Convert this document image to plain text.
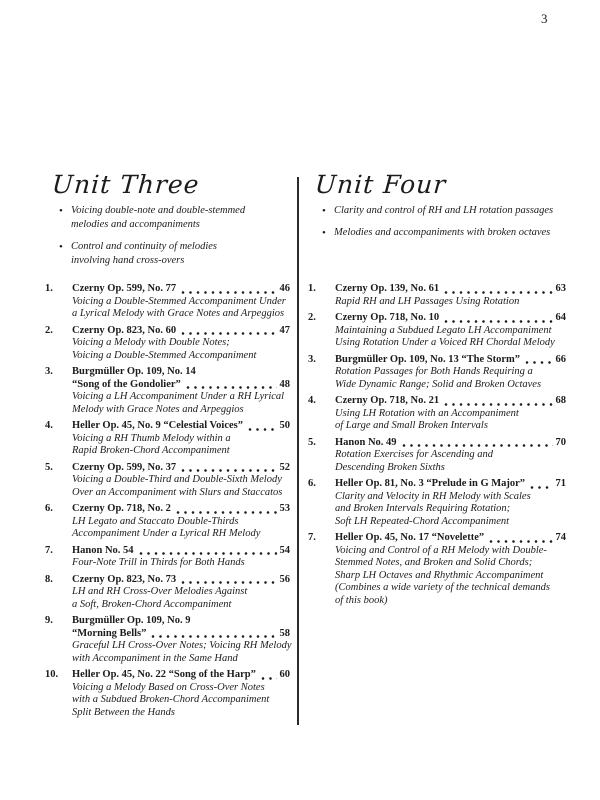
3
Unit Three
• Voicing double-note and double-stemmed
melodies and accompaniments
• Control and continuity of melodies
involving hand cross-overs
1.	Czerny Op. 599, No. 77	46
Voicing a Double-Stemmed Accompaniment Under
a Lyrical Melody with Grace Notes and Arpeggios
2.	Czerny Op. 823, No. 60	47
Voicing a Melody with Double Notes;
Voicing a Double-Stemmed Accompaniment
3.	Burgmüller Op. 109, No. 14
“Song of the Gondolier”	48
Voicing a LH Accompaniment Under a RH Lyrical
Melody with Grace Notes and Arpeggios
4.	Heller Op. 45, No. 9 “Celestial Voices”	50
Voicing a RH Thumb Melody within a
Rapid Broken-Chord Accompaniment
5.	Czerny Op. 599, No. 37	52
Voicing a Double-Third and Double-Sixth Melody
Over an Accompaniment with Slurs and Staccatos
6.	Czerny Op. 718, No. 2	53
LH Legato and Staccato Double-Thirds
Accompaniment Under a Lyrical RH Melody
7.	Hanon No. 54	54
Four-Note Trill in Thirds for Both Hands
8.	Czerny Op. 823, No. 73	56
LH and RH Cross-Over Melodies Against
a Soft, Broken-Chord Accompaniment
9.	Burgmüller Op. 109, No. 9
“Morning Bells”	58
Graceful LH Cross-Over Notes; Voicing RH Melody
with Accompaniment in the Same Hand
10.	Heller Op. 45, No. 22 “Song of the Harp” 60
Voicing a Melody Based on Cross-Over Notes
with a Subdued Broken-Chord Accompaniment
Split Between the Hands
Unit Four
• Clarity and control of RH and LH rotation passages
• Melodies and accompaniments with broken octaves
1.	Czerny Op. 139, No. 61	63
Rapid RH and LH Passages Using Rotation
2.	Czerny Op. 718, No. 10	64
Maintaining a Subdued Legato LH Accompaniment
Using Rotation Under a Voiced RH Chordal Melody
3.	Burgmüller Op. 109, No. 13 “The Storm”	66
Rotation Passages for Both Hands Requiring a
Wide Dynamic Range; Solid and Broken Octaves
4.	Czerny Op. 718, No. 21	68
Using LH Rotation with an Accompaniment
of Large and Small Broken Intervals
5.	Hanon No. 49	70
Rotation Exercises for Ascending and
Descending Broken Sixths
6.	Heller Op. 81, No. 3 “Prelude in G Major”	71
Clarity and Velocity in RH Melody with Scales
and Broken Intervals Requiring Rotation;
Soft LH Repeated-Chord Accompaniment
7.	Heller Op. 45, No. 17 “Novelette”	74
Voicing and Control of a RH Melody with Double-
Stemmed Notes, and Broken and Solid Chords;
Sharp LH Octaves and Rhythmic Accompaniment
(Combines a wide variety of the technical demands
of this book)
